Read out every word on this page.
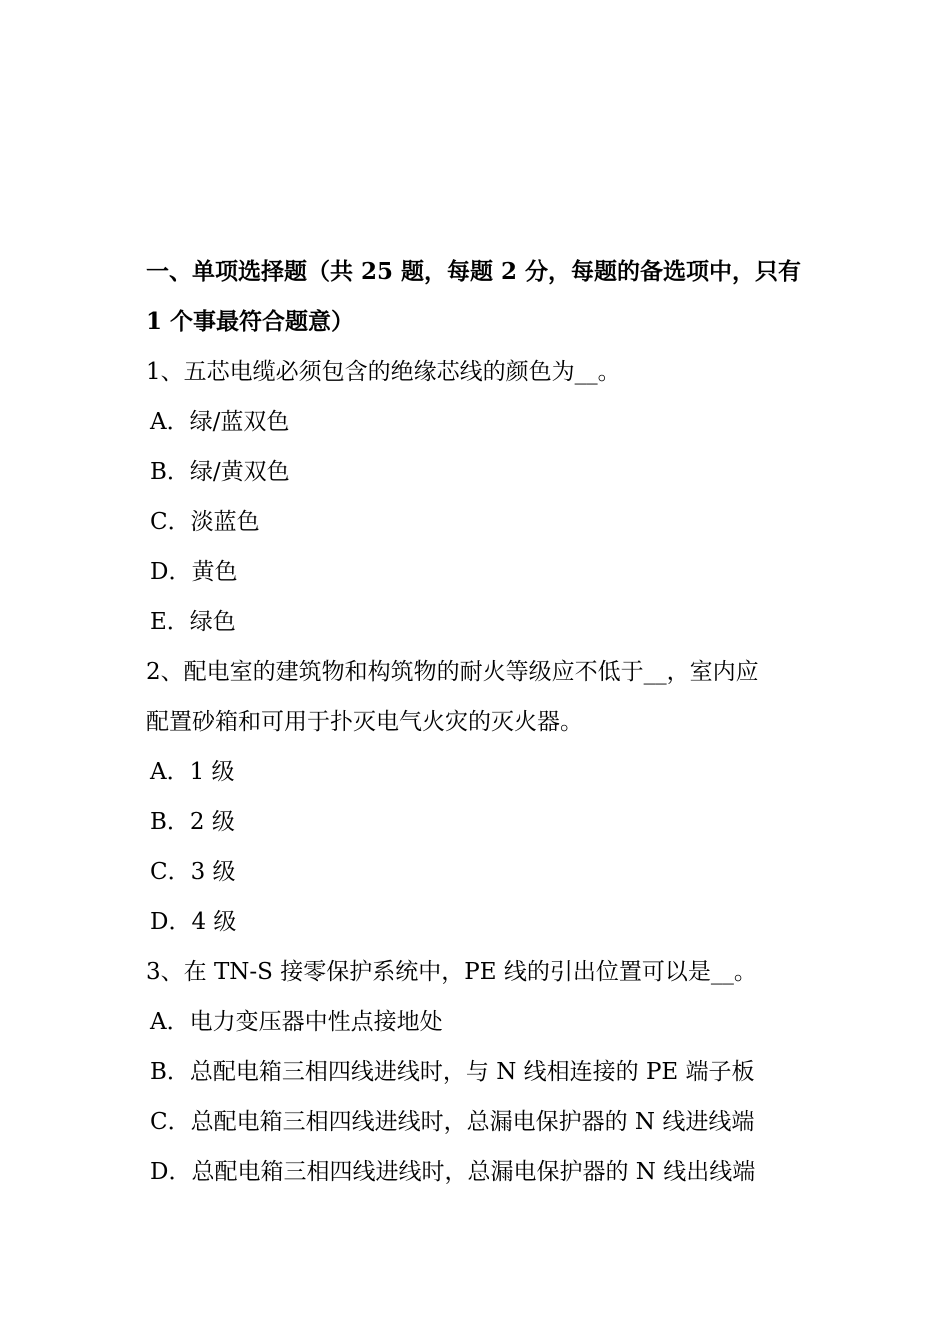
一、单项选择题（共 25 题，每题 2 分，每题的备选项中，只有
1 个事最符合题意）
1、五芯电缆必须包含的绝缘芯线的颜色为__。
A．绿/蓝双色
B．绿/黄双色
C．淡蓝色
D．黄色
E．绿色
2、配电室的建筑物和构筑物的耐火等级应不低于__，室内应
配置砂箱和可用于扑灭电气火灾的灭火器。
A．1 级
B．2 级
C．3 级
D．4 级
3、在 TN-S 接零保护系统中，PE 线的引出位置可以是__。
A．电力变压器中性点接地处
B．总配电箱三相四线进线时，与 N 线相连接的 PE 端子板
C．总配电箱三相四线进线时，总漏电保护器的 N 线进线端
D．总配电箱三相四线进线时，总漏电保护器的 N 线出线端
